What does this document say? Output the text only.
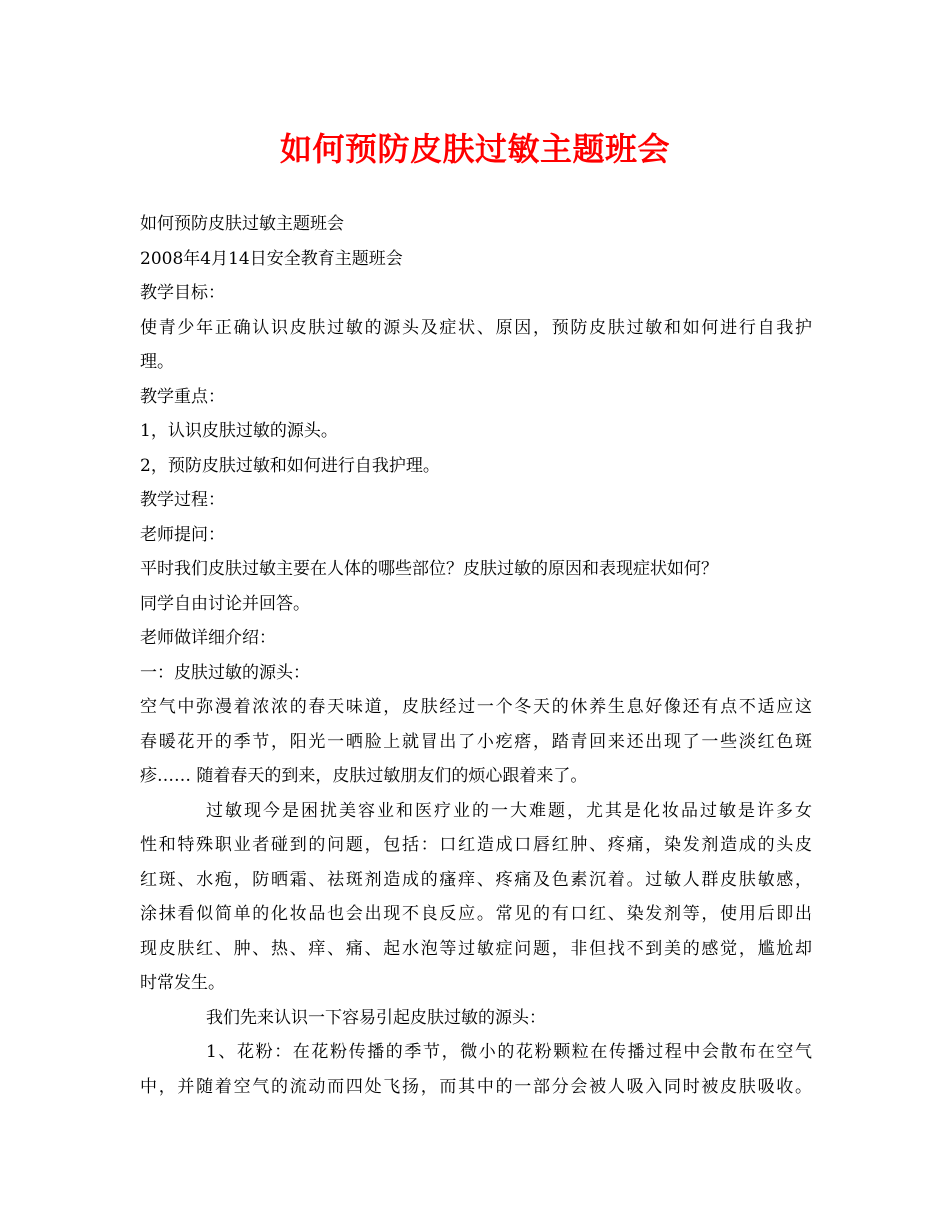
如何预防皮肤过敏主题班会
如何预防皮肤过敏主题班会
2008年4月14日安全教育主题班会
教学目标：
使青少年正确认识皮肤过敏的源头及症状、原因，预防皮肤过敏和如何进行自我护
理。
教学重点：
1，认识皮肤过敏的源头。
2，预防皮肤过敏和如何进行自我护理。
教学过程：
老师提问：
平时我们皮肤过敏主要在人体的哪些部位？皮肤过敏的原因和表现症状如何？
同学自由讨论并回答。
老师做详细介绍：
一：皮肤过敏的源头：
空气中弥漫着浓浓的春天味道，皮肤经过一个冬天的休养生息好像还有点不适应这
春暖花开的季节，阳光一晒脸上就冒出了小疙瘩，踏青回来还出现了一些淡红色斑
疹…… 随着春天的到来，皮肤过敏朋友们的烦心跟着来了。
过敏现今是困扰美容业和医疗业的一大难题，尤其是化妆品过敏是许多女
性和特殊职业者碰到的问题，包括：口红造成口唇红肿、疼痛，染发剂造成的头皮
红斑、水疱，防晒霜、祛斑剂造成的瘙痒、疼痛及色素沉着。过敏人群皮肤敏感，
涂抹看似简单的化妆品也会出现不良反应。常见的有口红、染发剂等，使用后即出
现皮肤红、肿、热、痒、痛、起水泡等过敏症问题，非但找不到美的感觉，尴尬却
时常发生。
我们先来认识一下容易引起皮肤过敏的源头：
1、花粉：在花粉传播的季节，微小的花粉颗粒在传播过程中会散布在空气
中，并随着空气的流动而四处飞扬，而其中的一部分会被人吸入同时被皮肤吸收。
